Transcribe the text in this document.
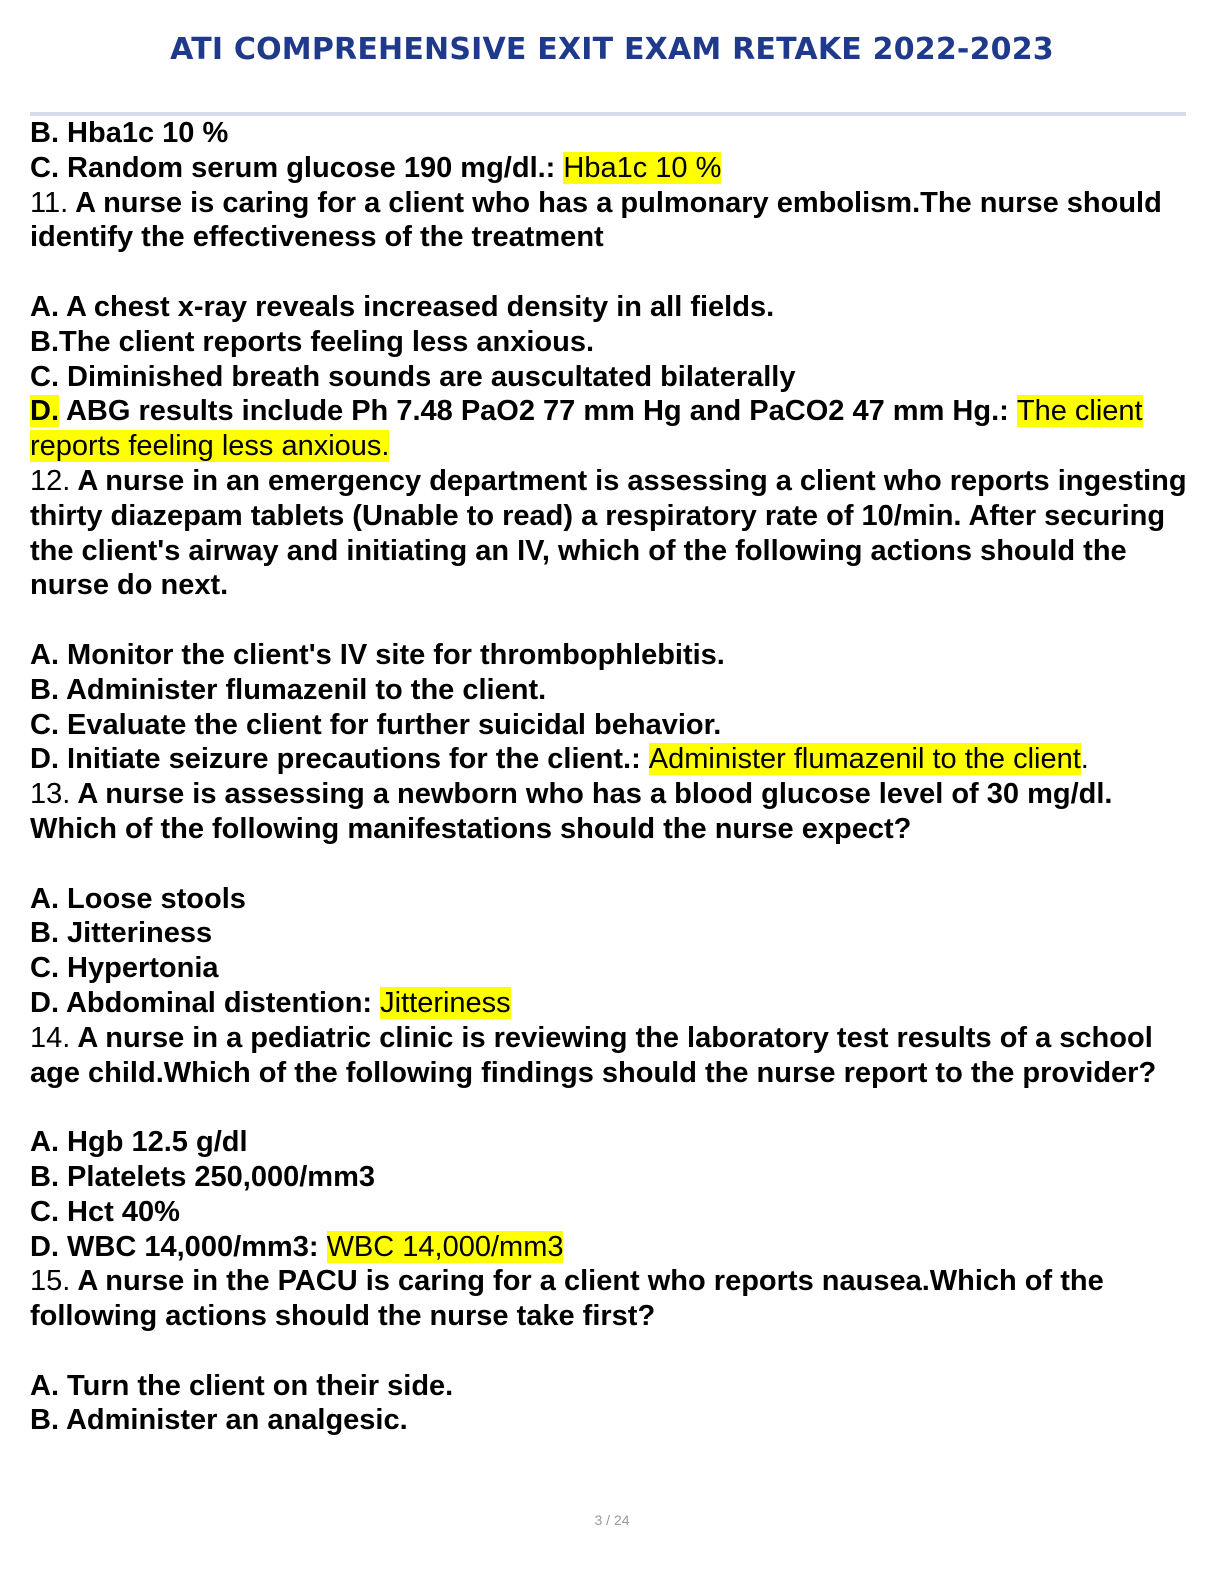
ATI COMPREHENSIVE EXIT EXAM RETAKE 2022-2023
B. Hba1c 10 %
C. Random serum glucose 190 mg/dl.: Hba1c 10 %
11. A nurse is caring for a client who has a pulmonary embolism.The nurse should identify the effectiveness of the treatment
A. A chest x-ray reveals increased density in all fields.
B.The client reports feeling less anxious.
C. Diminished breath sounds are auscultated bilaterally
D. ABG results include Ph 7.48 PaO2 77 mm Hg and PaCO2 47 mm Hg.: The client reports feeling less anxious.
12. A nurse in an emergency department is assessing a client who reports ingesting thirty diazepam tablets (Unable to read) a respiratory rate of 10/min. After securing the client's airway and initiating an IV, which of the following actions should the nurse do next.
A. Monitor the client's IV site for thrombophlebitis.
B. Administer flumazenil to the client.
C. Evaluate the client for further suicidal behavior.
D. Initiate seizure precautions for the client.: Administer flumazenil to the client.
13. A nurse is assessing a newborn who has a blood glucose level of 30 mg/dl. Which of the following manifestations should the nurse expect?
A. Loose stools
B. Jitteriness
C. Hypertonia
D. Abdominal distention: Jitteriness
14. A nurse in a pediatric clinic is reviewing the laboratory test results of a school age child.Which of the following findings should the nurse report to the provider?
A. Hgb 12.5 g/dl
B. Platelets 250,000/mm3
C. Hct 40%
D. WBC 14,000/mm3: WBC 14,000/mm3
15. A nurse in the PACU is caring for a client who reports nausea.Which of the following actions should the nurse take first?
A. Turn the client on their side.
B. Administer an analgesic.
3 / 24
